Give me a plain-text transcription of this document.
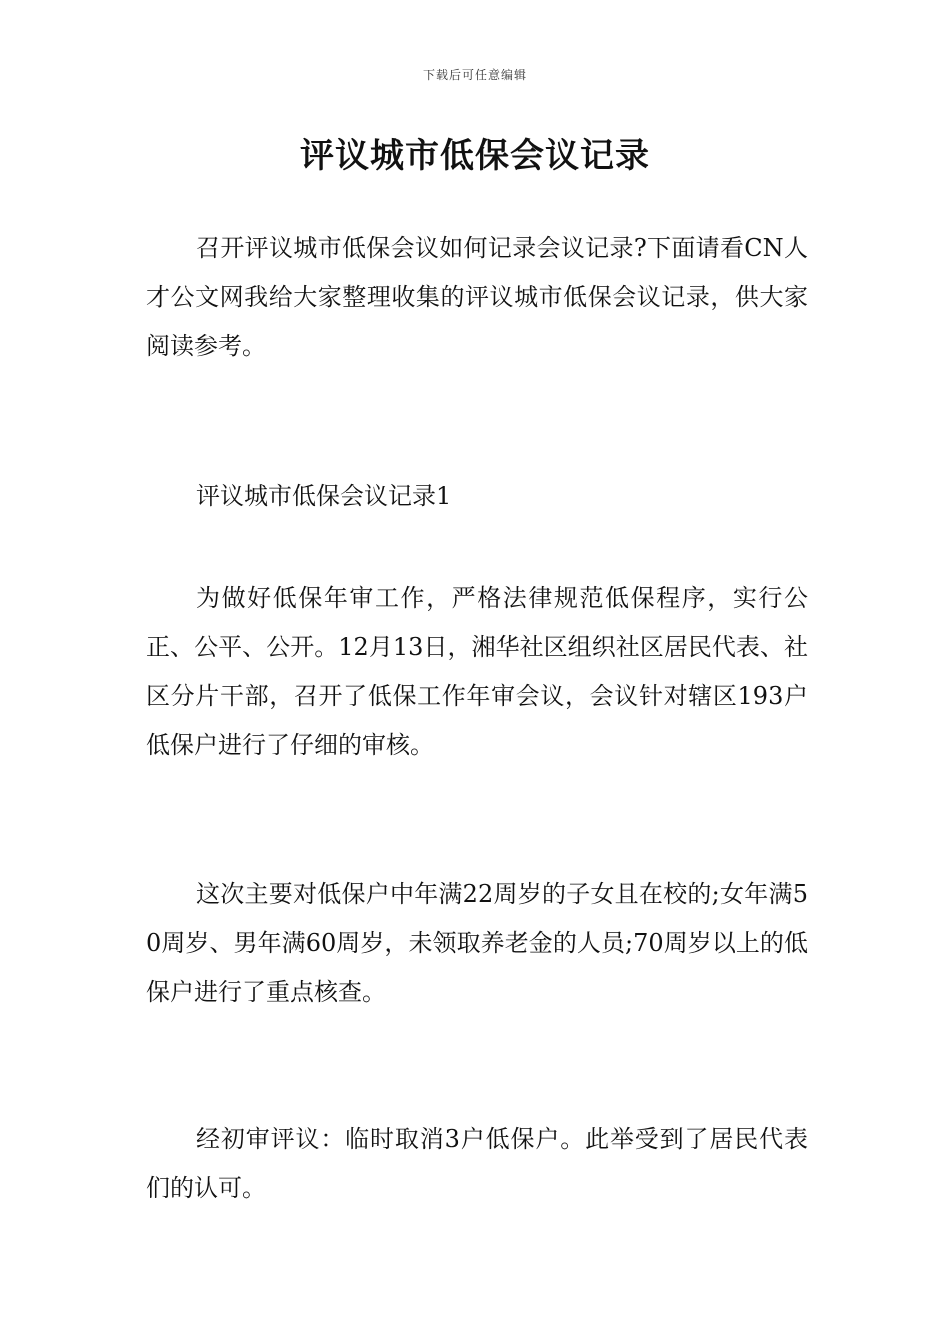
下载后可任意编辑
评议城市低保会议记录

召开评议城市低保会议如何记录会议记录?下面请看CN人才公文网我给大家整理收集的评议城市低保会议记录，供大家阅读参考。

评议城市低保会议记录1

为做好低保年审工作，严格法律规范低保程序，实行公正、公平、公开。12月13日，湘华社区组织社区居民代表、社区分片干部，召开了低保工作年审会议，会议针对辖区193户低保户进行了仔细的审核。

这次主要对低保户中年满22周岁的子女且在校的;女年满50周岁、男年满60周岁，未领取养老金的人员;70周岁以上的低保户进行了重点核查。

经初审评议：临时取消3户低保户。此举受到了居民代表们的认可。
